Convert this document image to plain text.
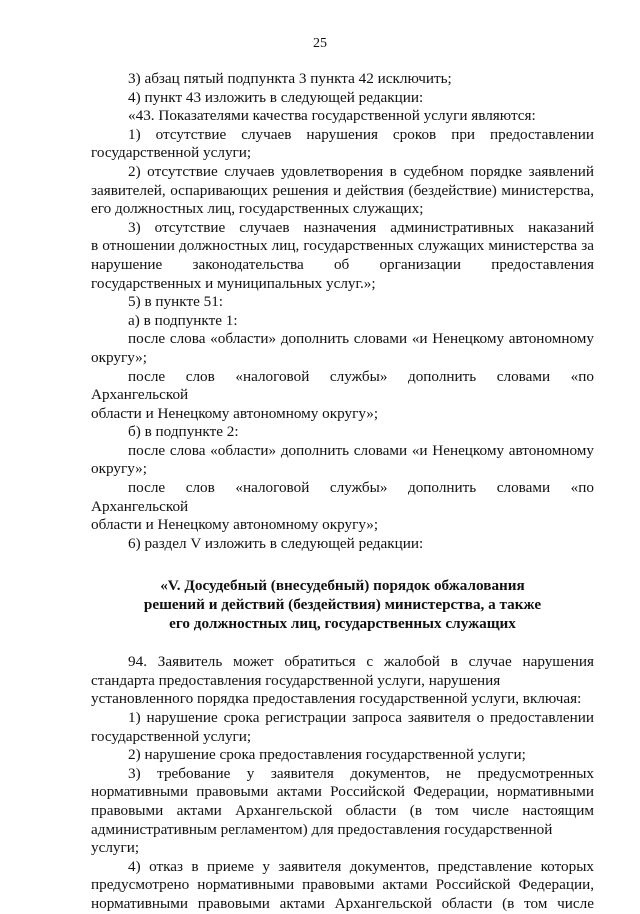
25

3) абзац пятый подпункта 3 пункта 42 исключить;

4) пункт 43 изложить в следующей редакции:

«43. Показателями качества государственной услуги являются:

1) отсутствие случаев нарушения сроков при предоставлении

государственной услуги;

2) отсутствие случаев удовлетворения в судебном порядке заявлений

заявителей, оспаривающих решения и действия (бездействие) министерства, его должностных лиц, государственных служащих;

3) отсутствие случаев назначения административных наказаний

в отношении должностных лиц, государственных служащих министерства за нарушение законодательства об организации предоставления государственных и муниципальных услуг.»;

5) в пункте 51:

а) в подпункте 1:

после слова «области» дополнить словами «и Ненецкому автономному

округу»;

после слов «налоговой службы» дополнить словами «по Архангельской

области и Ненецкому автономному округу»;

б) в подпункте 2:

после слова «области» дополнить словами «и Ненецкому автономному

округу»;

после слов «налоговой службы» дополнить словами «по Архангельской

области и Ненецкому автономному округу»;

6) раздел V изложить в следующей редакции:

«V. Досудебный (внесудебный) порядок обжалования
решений и действий (бездействия) министерства, а также
его должностных лиц, государственных служащих

94. Заявитель может обратиться с жалобой в случае нарушения стандарта предоставления государственной услуги, нарушения

установленного порядка предоставления государственной услуги, включая:

1) нарушение срока регистрации запроса заявителя о предоставлении

государственной услуги;

2) нарушение срока предоставления государственной услуги;

3) требование у заявителя документов, не предусмотренных нормативными правовыми актами Российской Федерации, нормативными правовыми актами Архангельской области (в том числе настоящим административным регламентом) для предоставления государственной

услуги;

4) отказ в приеме у заявителя документов, представление которых предусмотрено нормативными правовыми актами Российской Федерации, нормативными правовыми актами Архангельской области (в том числе
